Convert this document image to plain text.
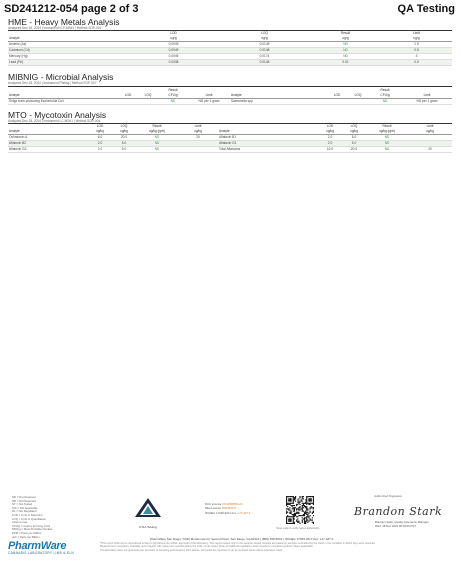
SD241212-054 page 2 of 3	QA Testing
HME - Heavy Metals Analysis
Analyzed Dec 18, 2024 | Instrument ICP-MS#1 | Method SOP-001
Analyte	LOD
ug/g	LOQ
ug/g	Result
ug/g	Limit
ug/g
Arsenic (As)	0.0049	0.0149	ND	1.5
Cadmium (Cd)	0.0049	0.0148	ND	0.5
Mercury (Hg)	0.0045	0.0174	ND	3
Lead (Pb)	0.0038	0.0146	0.01	0.5
MIBNIG - Microbial Analysis
Analyzed Dec 18, 2024 | Instrument Plating | Method SOP-007
Analyte	LOD	LOQ	Result
CFU/g	Limit	Analyte	LOD	LOQ	Result
CFU/g	Limit
Shiga toxin-producing Escherichia Coli			ND	ND per 1 gram	Salmonella spp			ND	ND per 1 gram
MTO - Mycotoxin Analysis
Analyzed Dec 18, 2024 | Instrument LC-MS#1 | Method SOP-004
Analyte	LOD
ug/kg	LOQ
ug/kg	Result
ug/kg (ppb)	Limit
ug/kg	Analyte	LOD
ug/kg	LOQ
ug/kg	Result
ug/kg (ppb)	Limit
ug/kg
Ochratoxin A	6.0	20.0	ND	20	Aflatoxin B1	2.0	5.0	ND	
Aflatoxin B2	2.0	5.0	ND		Aflatoxin G1	2.0	5.0	ND	
Aflatoxin G2	2.0	5.0	ND		Total Aflatoxins	10.0	20.0	ND	20
ND = Not Detected
NR = Not Reported
NT = Not Tested
N/A = Not Applicable
RL = Not Regulated
LOD = Limit of Detection
LOQ = Limit of Quantitation
Action Level
CFU/g = Colony Forming Units
MPN/g = Most Probable Number
PPM = Parts per Million
ppb = Parts per Billion
PharmWare
CANNABIS LABORATORY LIMS & ELN
PJLA Testing
DCC License C8-0000059-LIC
DEA License RS0463277
ISO/IEC 17025:2017 Acc. L17-427-1
Scan code to verify report authenticity
Authorized Signature
Brandon Stark
Brandon Stark, Quality Assurance Manager
Wed, 18 Dec 2024 00:00:00 PST
PharmWare San Diego | 5440 Morehouse Dr, Second Floor, San Diego, CA 92121 | (858) 356-5694 | ISO/IEC 17025:2017 Acc. L17-427-1
*This report shall not be reproduced except in full without the written approval of the laboratory. This report relates only to the samples tested. Results are based on samples submitted by the client in the condition in which they were received.
Measurement uncertainty available upon request. ND values are reported below the LOD. Limits reflect State of California regulatory action levels for cannabis products where applicable.
The laboratory does not guarantee the accuracy of sampling performed by third parties. All results are reported on an as received basis unless otherwise noted.
